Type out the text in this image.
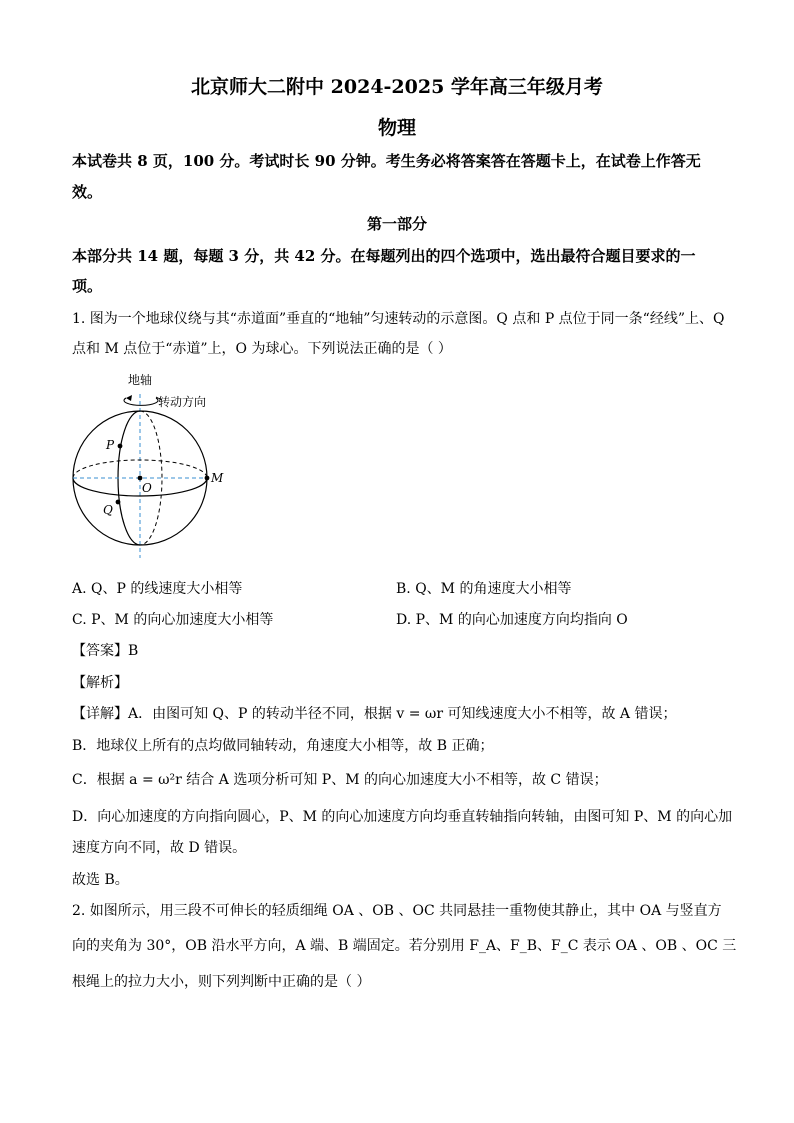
北京师大二附中 2024-2025 学年高三年级月考
物理
本试卷共 8 页，100 分。考试时长 90 分钟。考生务必将答案答在答题卡上，在试卷上作答无
效。
第一部分
本部分共 14 题，每题 3 分，共 42 分。在每题列出的四个选项中，选出最符合题目要求的一
项。
1. 图为一个地球仪绕与其“赤道面”垂直的“地轴”匀速转动的示意图。Q 点和 P 点位于同一条“经线”上、Q
点和 M 点位于“赤道”上，O 为球心。下列说法正确的是（ ）
地轴
转动方向
P
Q
O
M
A. Q、P 的线速度大小相等	B. Q、M 的角速度大小相等
C. P、M 的向心加速度大小相等	D. P、M 的向心加速度方向均指向 O
【答案】B
【解析】
【详解】A．由图可知 Q、P 的转动半径不同，根据 v = ωr 可知线速度大小不相等，故 A 错误；
B．地球仪上所有的点均做同轴转动，角速度大小相等，故 B 正确；
C．根据 a = ω²r 结合 A 选项分析可知 P、M 的向心加速度大小不相等，故 C 错误；
D．向心加速度的方向指向圆心，P、M 的向心加速度方向均垂直转轴指向转轴，由图可知 P、M 的向心加
速度方向不同，故 D 错误。
故选 B。
2. 如图所示，用三段不可伸长的轻质细绳 OA 、OB 、OC 共同悬挂一重物使其静止，其中 OA 与竖直方
向的夹角为 30°，OB 沿水平方向，A 端、B 端固定。若分别用 F_A、F_B、F_C 表示 OA 、OB 、OC 三
根绳上的拉力大小，则下列判断中正确的是（ ）
